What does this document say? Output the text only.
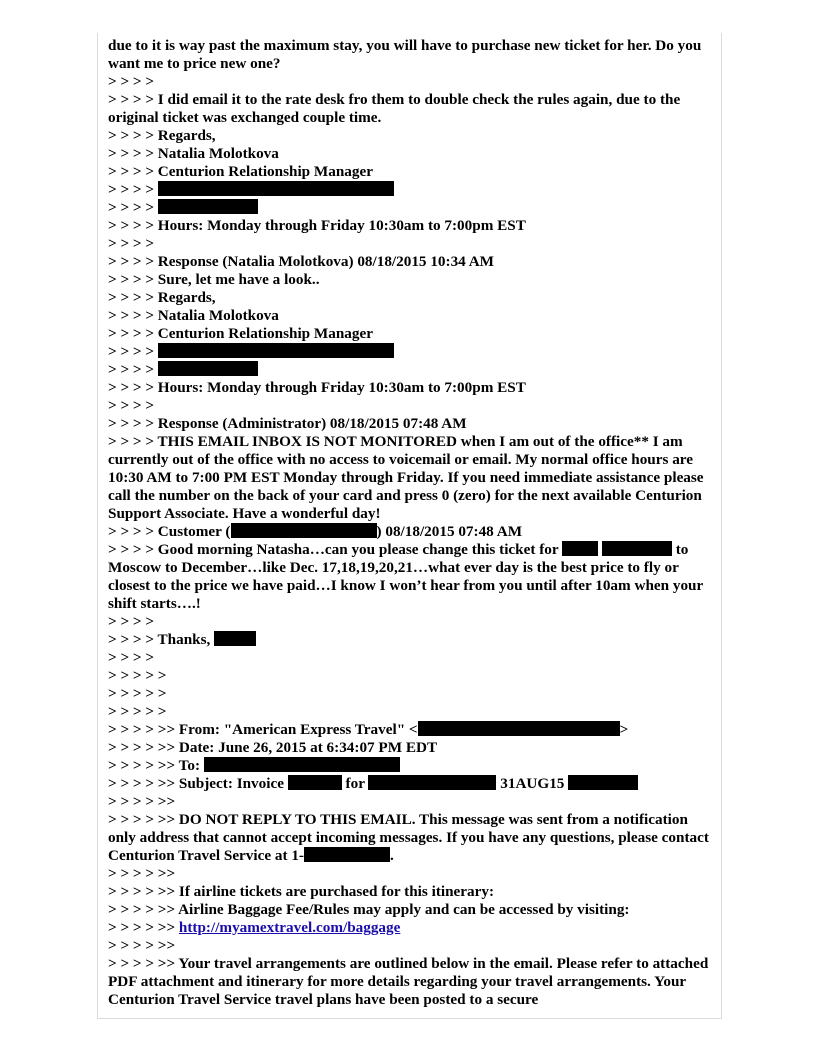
due to it is way past the maximum stay, you will have to purchase new ticket for her. Do you want me to price new one?
> > > >
> > > > I did email it to the rate desk fro them to double check the rules again, due to the original ticket was exchanged couple time.
> > > > Regards,
> > > > Natalia Molotkova
> > > > Centurion Relationship Manager
> > > >
> > > >
> > > > Hours: Monday through Friday 10:30am to 7:00pm EST
> > > >
> > > > Response (Natalia Molotkova) 08/18/2015 10:34 AM
> > > > Sure, let me have a look..
> > > > Regards,
> > > > Natalia Molotkova
> > > > Centurion Relationship Manager
> > > >
> > > >
> > > > Hours: Monday through Friday 10:30am to 7:00pm EST
> > > >
> > > > Response (Administrator) 08/18/2015 07:48 AM
> > > > THIS EMAIL INBOX IS NOT MONITORED when I am out of the office** I am currently out of the office with no access to voicemail or email. My normal office hours are 10:30 AM to 7:00 PM EST Monday through Friday. If you need immediate assistance please call the number on the back of your card and press 0 (zero) for the next available Centurion Support Associate. Have a wonderful day!
> > > > Customer (	) 08/18/2015 07:48 AM
> > > > Good morning Natasha…can you please change this ticket for	to Moscow to December…like Dec. 17,18,19,20,21…what ever day is the best price to fly or closest to the price we have paid…I know I won’t hear from you until after 10am when your shift starts….!
> > > >
> > > > Thanks,
> > > >
> > > > >
> > > > >
> > > > >
> > > > >> From: "American Express Travel" <	>
> > > > >> Date: June 26, 2015 at 6:34:07 PM EDT
> > > > >> To:
> > > > >> Subject: Invoice	for	31AUG15
> > > > >>
> > > > >> DO NOT REPLY TO THIS EMAIL. This message was sent from a notification only address that cannot accept incoming messages. If you have any questions, please contact Centurion Travel Service at 1-	.
> > > > >>
> > > > >> If airline tickets are purchased for this itinerary:
> > > > >> Airline Baggage Fee/Rules may apply and can be accessed by visiting:
> > > > >> http://myamextravel.com/baggage
> > > > >>
> > > > >> Your travel arrangements are outlined below in the email. Please refer to attached PDF attachment and itinerary for more details regarding your travel arrangements. Your Centurion Travel Service travel plans have been posted to a secure
